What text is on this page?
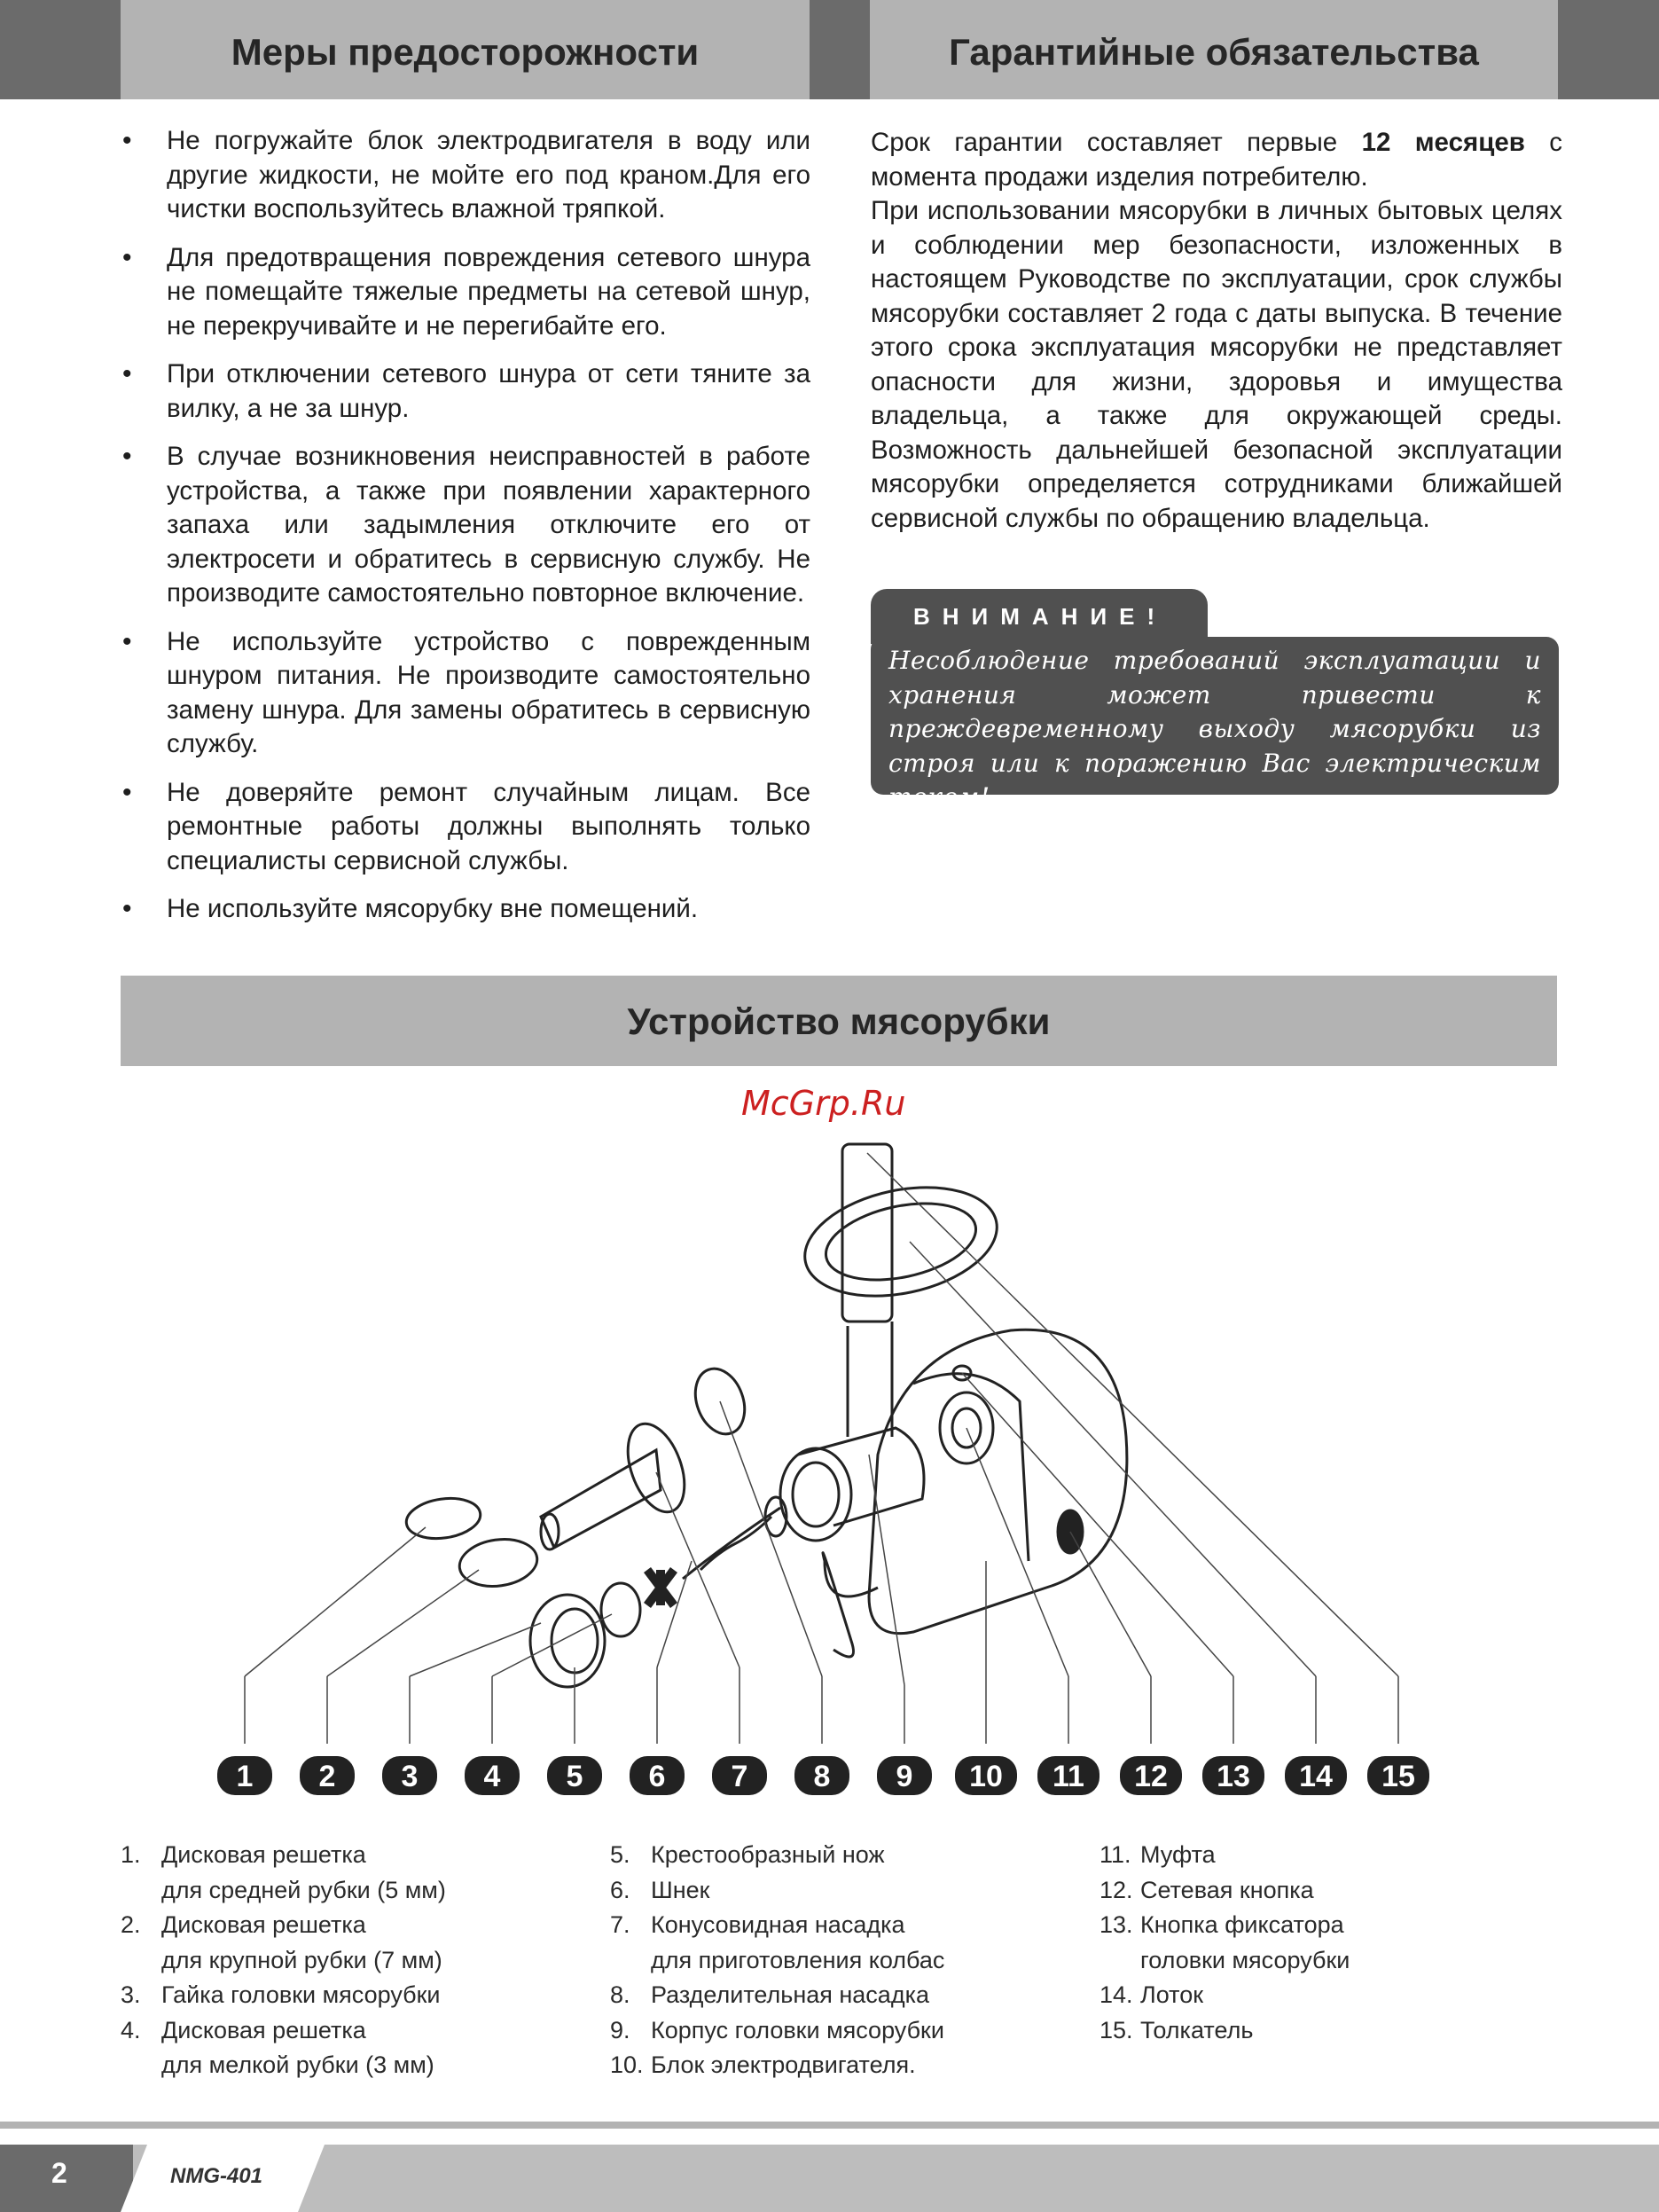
Меры предосторожности	Гарантийные обязательства
• Не погружайте блок электродвигателя в воду или другие жидкости, не мойте его под краном.Для его чистки воспользуйтесь влажной тряпкой.
• Для предотвращения повреждения сетевого шнура не помещайте тяжелые предметы на сетевой шнур, не перекручивайте и не перегибайте его.
• При отключении сетевого шнура от сети тяните за вилку, а не за шнур.
• В случае возникновения неисправностей в работе устройства, а также при появлении характерного запаха или задымления отключите его от электросети и обратитесь в сервисную службу. Не производите самостоятельно повторное включение.
• Не используйте устройство с поврежденным шнуром питания. Не производите самостоятельно замену шнура. Для замены обратитесь в сервисную службу.
• Не доверяйте ремонт случайным лицам. Все ремонтные работы должны выполнять только специалисты сервисной службы.
• Не используйте мясорубку вне помещений.

Срок гарантии составляет первые 12 месяцев с момента продажи изделия потребителю.

При использовании мясорубки в личных бытовых целях и соблюдении мер безопасности, изложенных в настоящем Руководстве по эксплуатации, срок службы мясорубки составляет 2 года с даты выпуска. В течение этого срока эксплуатация мясорубки не представляет опасности для жизни, здоровья и имущества владельца, а также для окружающей среды. Возможность дальнейшей безопасной эксплуатации мясорубки определяется сотрудниками ближайшей сервисной службы по обращению владельца.

ВНИМАНИЕ!
Несоблюдение требований эксплуатации и хранения может привести к преждевременному выходу мясорубки из строя или к поражению Вас электрическим током!
Устройство мясорубки
McGrp.Ru
1 2 3 4 5 6 7 8 9 10 11 12 13 14 15
1. Дисковая решетка
для средней рубки (5 мм)
2. Дисковая решетка
для крупной рубки (7 мм)
3. Гайка головки мясорубки
4. Дисковая решетка
для мелкой рубки (3 мм)
5. Крестообразный нож
6. Шнек
7. Конусовидная насадка
для приготовления колбас
8. Разделительная насадка
9. Корпус головки мясорубки
10. Блок электродвигателя.
11. Муфта
12. Сетевая кнопка
13. Кнопка фиксатора
головки мясорубки
14. Лоток
15. Толкатель
2	NMG-401
